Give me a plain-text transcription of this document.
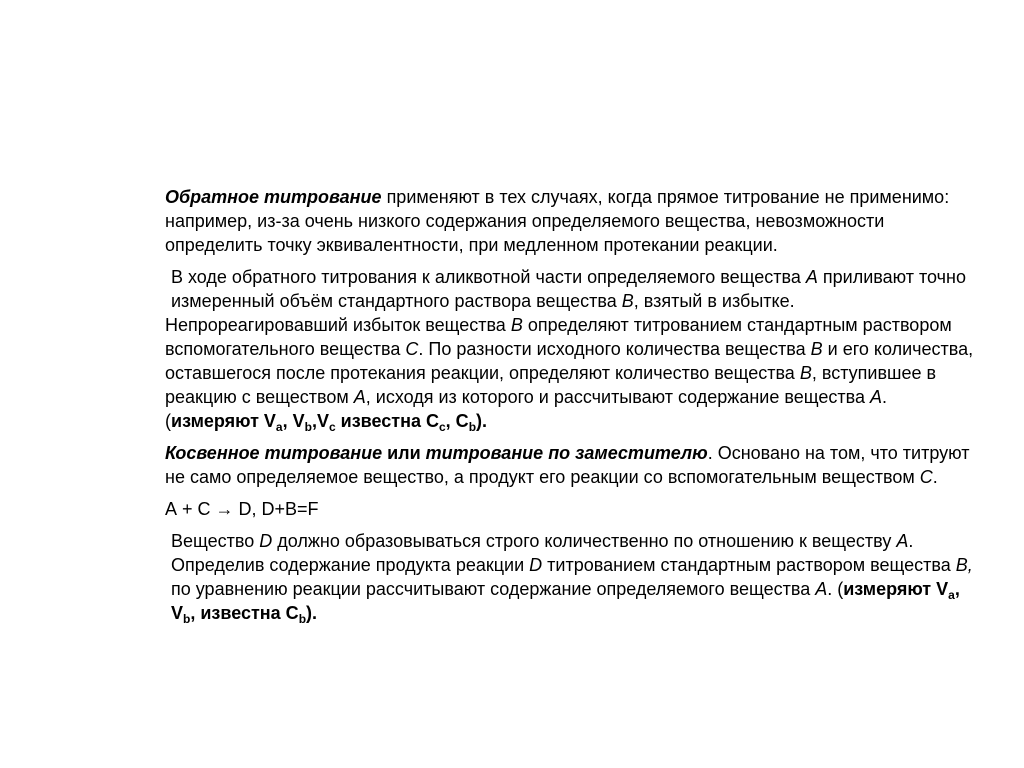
Обратное титрование применяют в тех случаях, когда прямое титрование не применимо: например, из-за очень низкого содержания определяемого вещества, невозможности определить точку эквивалентности, при медленном протекании реакции.

В ходе обратного титрования к аликвотной части определяемого вещества А приливают точно измеренный объём стандартного раствора вещества В, взятый в избытке.

Непрореагировавший избыток вещества В определяют титрованием стандартным раствором вспомогательного вещества С. По разности исходного количества вещества В и его количества, оставшегося после протекания реакции, определяют количество вещества В, вступившее в реакцию с веществом А, исходя из которого и рассчитывают содержание вещества А. (измеряют $V_a$, $V_b,V_c$ известна $C_c$, $C_b$).

Косвенное титрование или титрование по заместителю. Основано на том, что титруют не само определяемое вещество, а продукт его реакции со вспомогательным веществом С.

А + С → D, D+B=F

Вещество D должно образовываться строго количественно по отношению к веществу А. Определив содержание продукта реакции D титрованием стандартным раствором вещества В, по уравнению реакции рассчитывают содержание определяемого вещества А. (измеряют $V_a$, $V_b$, известна $C_b$).
